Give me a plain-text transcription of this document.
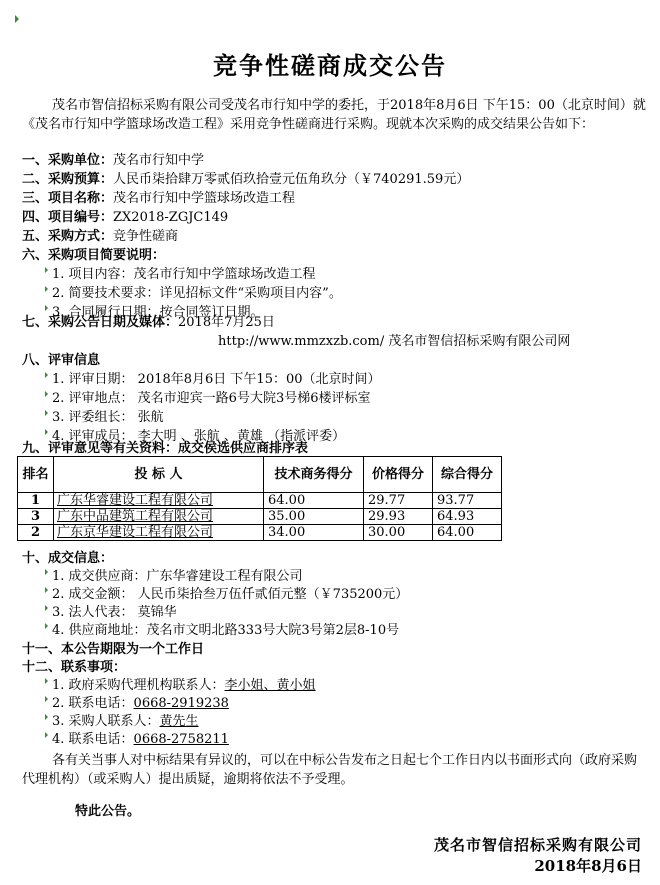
竞争性磋商成交公告
茂名市智信招标采购有限公司受茂名市行知中学的委托，于2018年8月6日 下午15：00（北京时间）就《茂名市行知中学篮球场改造工程》采用竞争性磋商进行采购。现就本次采购的成交结果公告如下：
一、采购单位：茂名市行知中学
二、采购预算：人民币柒拾肆万零贰佰玖拾壹元伍角玖分（￥740291.59元）
三、项目名称：茂名市行知中学篮球场改造工程
四、项目编号：ZX2018-ZGJC149
五、采购方式：竞争性磋商
六、采购项目简要说明：
1. 项目内容：茂名市行知中学篮球场改造工程
2. 简要技术要求：详见招标文件“采购项目内容”。
3. 合同履行日期：按合同签订日期。
七、采购公告日期及媒体：2018年7月25日
http://www.mmzxzb.com/ 茂名市智信招标采购有限公司网
八、评审信息
1. 评审日期： 2018年8月6日 下午15：00（北京时间）
2. 评审地点： 茂名市迎宾一路6号大院3号梯6楼评标室
3. 评委组长： 张航
4. 评审成员： 李大明 、张航 、黄雄 （指派评委）
九、评审意见等有关资料：成交侯选供应商排序表
排名	投 标 人	技术商务得分	价格得分	综合得分
1	广东华睿建设工程有限公司	64.00	29.77	93.77
3	广东中品建筑工程有限公司	35.00	29.93	64.93
2	广东京华建设工程有限公司	34.00	30.00	64.00
十、成交信息：
1. 成交供应商：广东华睿建设工程有限公司
2. 成交金额： 人民币柒拾叁万伍仟贰佰元整（￥735200元）
3. 法人代表： 莫锦华
4. 供应商地址：茂名市文明北路333号大院3号第2层8-10号
十一、本公告期限为一个工作日
十二、联系事项：
1. 政府采购代理机构联系人：李小姐、黄小姐
2. 联系电话：0668-2919238
3. 采购人联系人：黄先生
4. 联系电话：0668-2758211
各有关当事人对中标结果有异议的，可以在中标公告发布之日起七个工作日内以书面形式向（政府采购代理机构）（或采购人）提出质疑，逾期将依法不予受理。
特此公告。
茂名市智信招标采购有限公司
2018年8月6日
